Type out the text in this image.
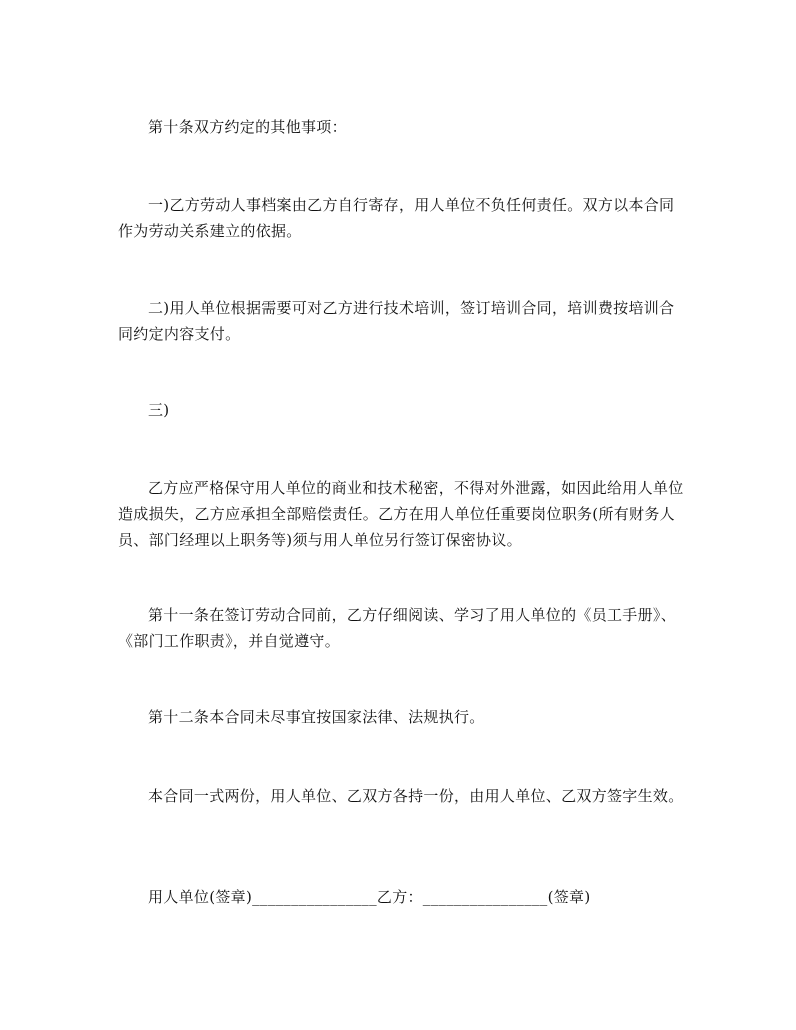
第十条双方约定的其他事项：

一)乙方劳动人事档案由乙方自行寄存，用人单位不负任何责任。双方以本合同作为劳动关系建立的依据。

二)用人单位根据需要可对乙方进行技术培训，签订培训合同，培训费按培训合同约定内容支付。

三)

乙方应严格保守用人单位的商业和技术秘密，不得对外泄露，如因此给用人单位造成损失，乙方应承担全部赔偿责任。乙方在用人单位任重要岗位职务(所有财务人员、部门经理以上职务等)须与用人单位另行签订保密协议。

第十一条在签订劳动合同前，乙方仔细阅读、学习了用人单位的《员工手册》、《部门工作职责》，并自觉遵守。

第十二条本合同未尽事宜按国家法律、法规执行。

本合同一式两份，用人单位、乙双方各持一份，由用人单位、乙双方签字生效。

用人单位(签章)________________乙方：________________(签章)
